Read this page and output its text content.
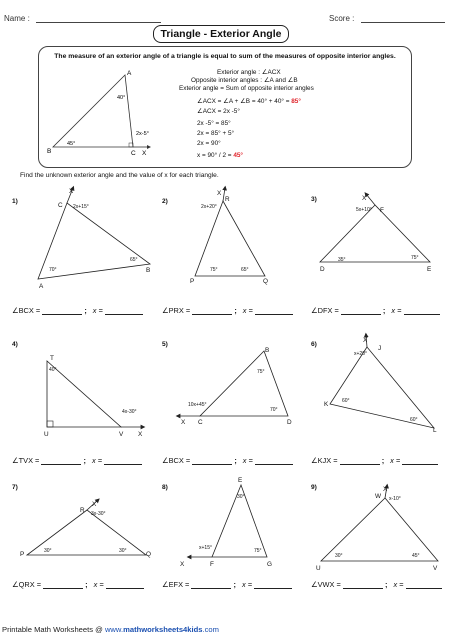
Name :	Score :
Triangle - Exterior Angle
The measure of an exterior angle of a triangle is equal to sum of the measures of opposite interior angles.
A
B	C X
40°
45°
2x-5°
Exterior angle : ∠ACX
Opposite interior angles : ∠A and ∠B
Exterior angle = Sum of opposite interior angles
∠ACX = ∠A + ∠B = 40° + 40° = 85°
∠ACX = 2x -5°
2x -5° = 85°
2x = 85° + 5°
2x = 90°
x = 90° / 2 = 45°
Find the unknown exterior angle and the value of x for each triangle.
C
X
A
B
2x+15°
70°
65°
X
R
P	Q
2x+20°
75°	65°
X
F
D	E
5x+10°
35°	75°
T
U	V X
40°
4x-30°
B
X C	D
75°
10x+45°
70°
X
J
K
L
x+20°
60°
60°
X
R
P	Q
3x-30°
30°	30°
X
E
F	G
30°
x+15°	75°
W
X
U	V
x-10°
30°	45°
1)	2)	3)
4)	5)	6)
7)	8)	9)
∠BCX =	; x =	∠PRX =	; x =	∠DFX =	; x =
∠TVX =	; x =	∠BCX =	; x =	∠KJX =	; x =
∠QRX =	; x =	∠EFX =	; x =	∠VWX =	; x =
Printable Math Worksheets @ www.mathworksheets4kids.com
